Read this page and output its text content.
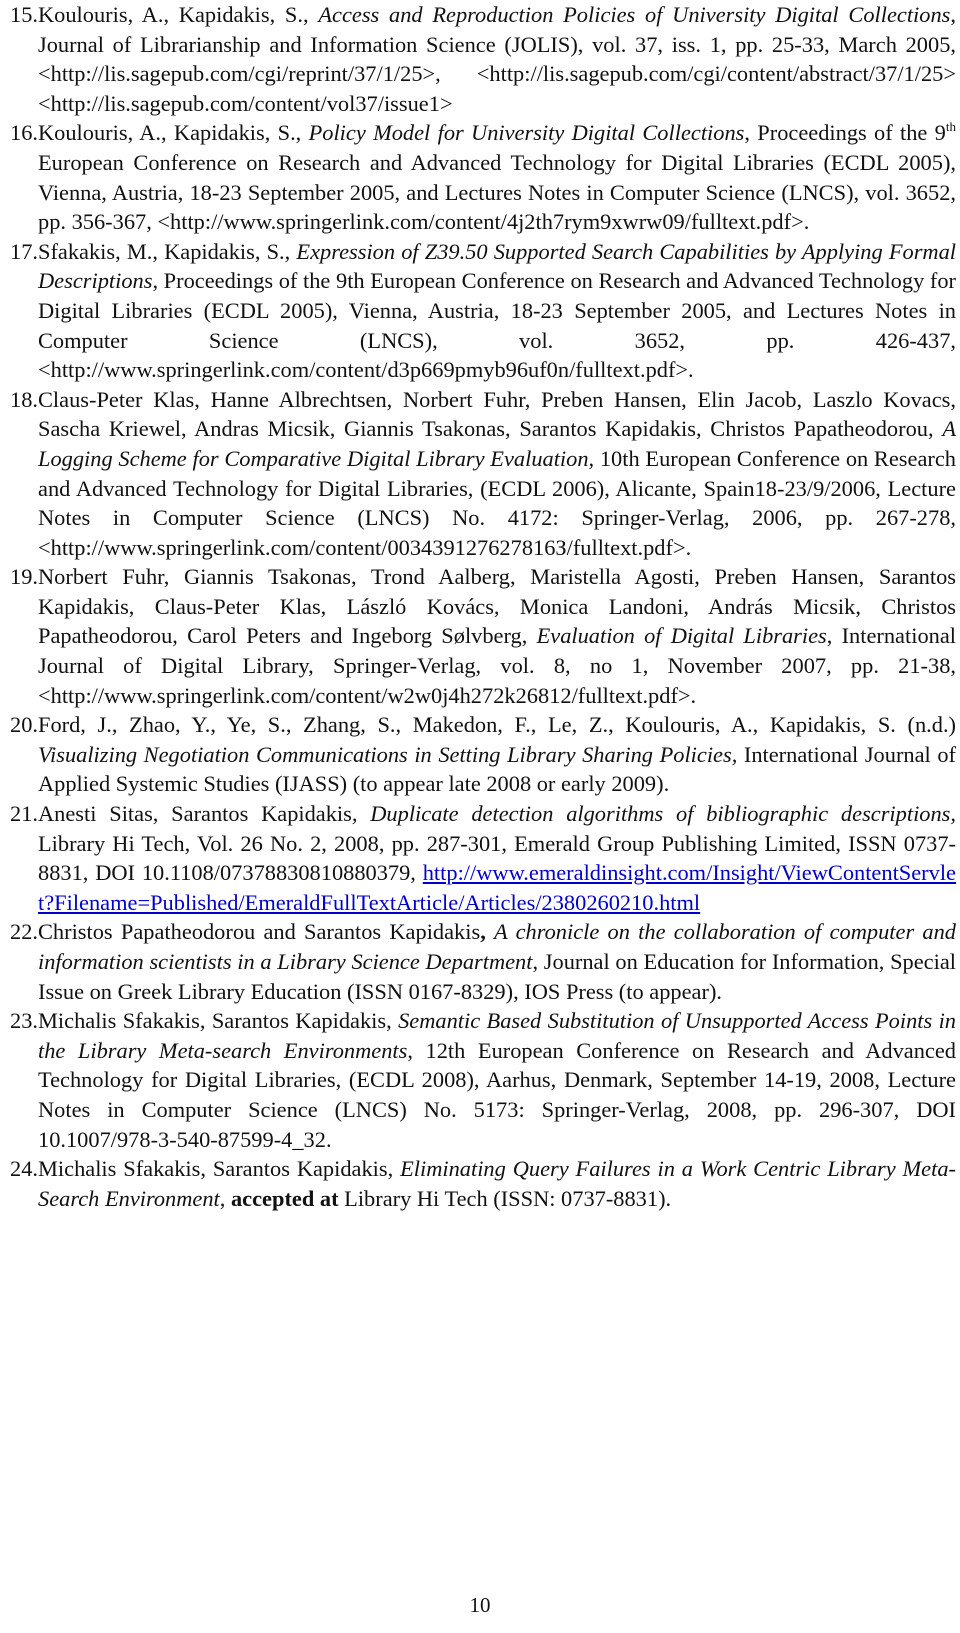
15. Koulouris, A., Kapidakis, S., Access and Reproduction Policies of University Digital Collections, Journal of Librarianship and Information Science (JOLIS), vol. 37, iss. 1, pp. 25-33, March 2005, <http://lis.sagepub.com/cgi/reprint/37/1/25>, <http://lis.sagepub.com/cgi/content/abstract/37/1/25> <http://lis.sagepub.com/content/vol37/issue1>
16. Koulouris, A., Kapidakis, S., Policy Model for University Digital Collections, Proceedings of the 9th European Conference on Research and Advanced Technology for Digital Libraries (ECDL 2005), Vienna, Austria, 18-23 September 2005, and Lectures Notes in Computer Science (LNCS), vol. 3652, pp. 356-367, <http://www.springerlink.com/content/4j2th7rym9xwrw09/fulltext.pdf>.
17. Sfakakis, M., Kapidakis, S., Expression of Z39.50 Supported Search Capabilities by Applying Formal Descriptions, Proceedings of the 9th European Conference on Research and Advanced Technology for Digital Libraries (ECDL 2005), Vienna, Austria, 18-23 September 2005, and Lectures Notes in Computer Science (LNCS), vol. 3652, pp. 426-437, <http://www.springerlink.com/content/d3p669pmyb96uf0n/fulltext.pdf>.
18. Claus-Peter Klas, Hanne Albrechtsen, Norbert Fuhr, Preben Hansen, Elin Jacob, Laszlo Kovacs, Sascha Kriewel, Andras Micsik, Giannis Tsakonas, Sarantos Kapidakis, Christos Papatheodorou, A Logging Scheme for Comparative Digital Library Evaluation, 10th European Conference on Research and Advanced Technology for Digital Libraries, (ECDL 2006), Alicante, Spain18-23/9/2006, Lecture Notes in Computer Science (LNCS) No. 4172: Springer-Verlag, 2006, pp. 267-278, <http://www.springerlink.com/content/003439127627816З/fulltext.pdf>.
19. Norbert Fuhr, Giannis Tsakonas, Trond Aalberg, Maristella Agosti, Preben Hansen, Sarantos Kapidakis, Claus-Peter Klas, László Kovács, Monica Landoni, András Micsik, Christos Papatheodorou, Carol Peters and Ingeborg Sølvberg, Evaluation of Digital Libraries, International Journal of Digital Library, Springer-Verlag, vol. 8, no 1, November 2007, pp. 21-38, <http://www.springerlink.com/content/w2w0j4h272k26812/fulltext.pdf>.
20. Ford, J., Zhao, Y., Ye, S., Zhang, S., Makedon, F., Le, Z., Koulouris, A., Kapidakis, S. (n.d.) Visualizing Negotiation Communications in Setting Library Sharing Policies, International Journal of Applied Systemic Studies (IJASS) (to appear late 2008 or early 2009).
21. Anesti Sitas, Sarantos Kapidakis, Duplicate detection algorithms of bibliographic descriptions, Library Hi Tech, Vol. 26 No. 2, 2008, pp. 287-301, Emerald Group Publishing Limited, ISSN 0737-8831, DOI 10.1108/07378830810880379, http://www.emeraldinsight.com/Insight/ViewContentServlet?Filename=Published/EmeraldFullTextArticle/Articles/2380260210.html
22. Christos Papatheodorou and Sarantos Kapidakis, A chronicle on the collaboration of computer and information scientists in a Library Science Department, Journal on Education for Information, Special Issue on Greek Library Education (ISSN 0167-8329), IOS Press (to appear).
23. Michalis Sfakakis, Sarantos Kapidakis, Semantic Based Substitution of Unsupported Access Points in the Library Meta-search Environments, 12th European Conference on Research and Advanced Technology for Digital Libraries, (ECDL 2008), Aarhus, Denmark, September 14-19, 2008, Lecture Notes in Computer Science (LNCS) No. 5173: Springer-Verlag, 2008, pp. 296-307, DOI 10.1007/978-3-540-87599-4_32.
24. Michalis Sfakakis, Sarantos Kapidakis, Eliminating Query Failures in a Work Centric Library Meta-Search Environment, accepted at Library Hi Tech (ISSN: 0737-8831).
10
